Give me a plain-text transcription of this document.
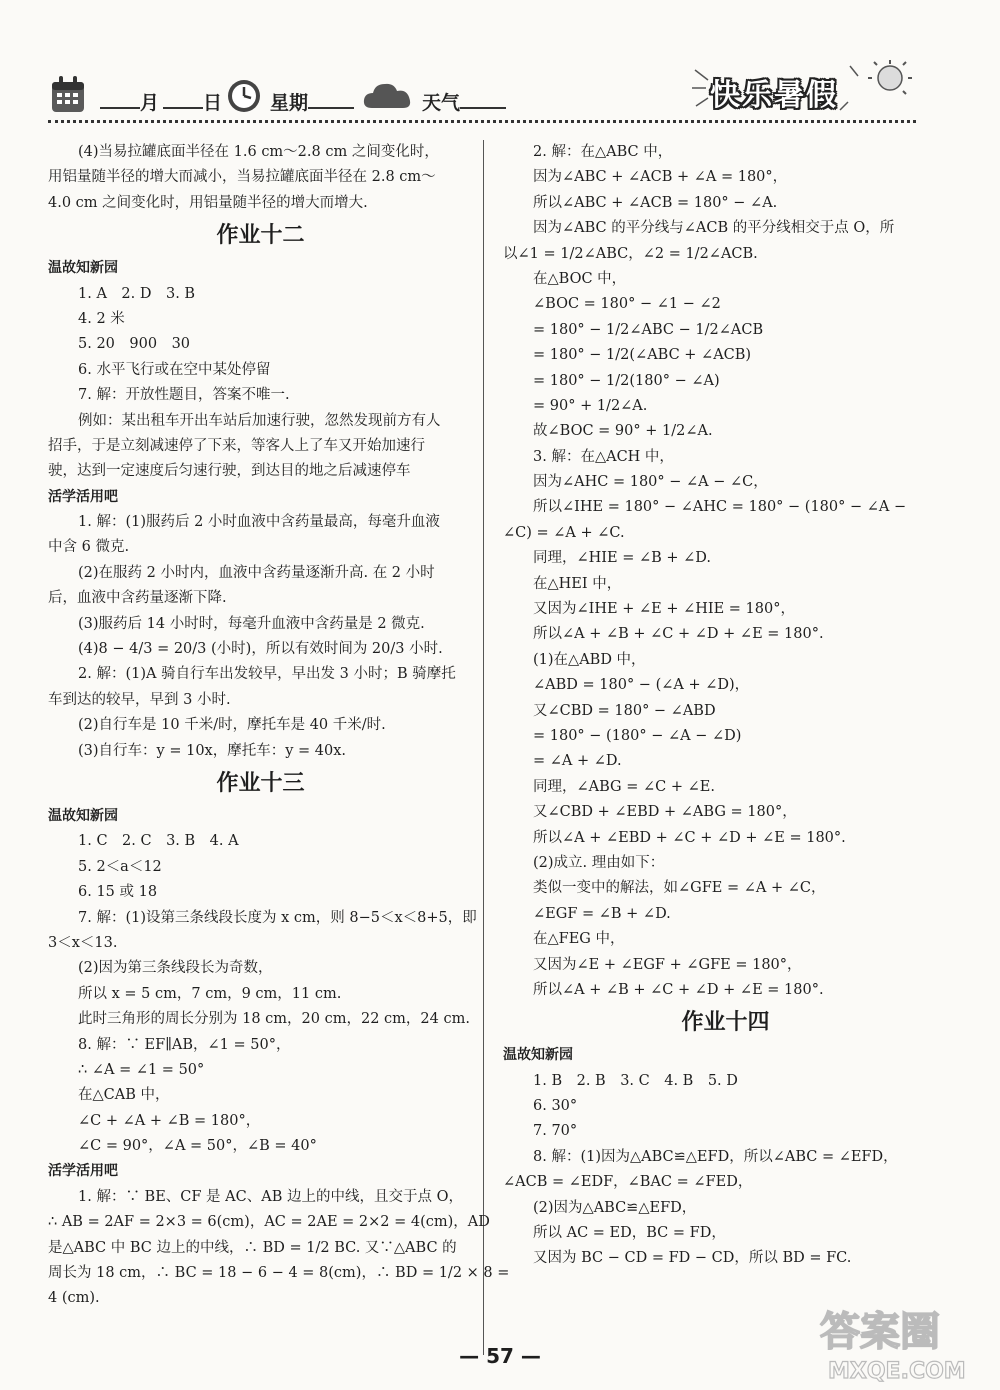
月	日	星期	天气	快乐暑假
(4)当易拉罐底面半径在 1.6 cm～2.8 cm 之间变化时，
用铝量随半径的增大而减小，当易拉罐底面半径在 2.8 cm～
4.0 cm 之间变化时，用铝量随半径的增大而增大.
作业十二
温故知新园
1. A　2. D　3. B
4. 2 米
5. 20　900　30
6. 水平飞行或在空中某处停留
7. 解：开放性题目，答案不唯一.
例如：某出租车开出车站后加速行驶，忽然发现前方有人
招手，于是立刻减速停了下来，等客人上了车又开始加速行
驶，达到一定速度后匀速行驶，到达目的地之后减速停车
活学活用吧
1. 解：(1)服药后 2 小时血液中含药量最高，每毫升血液
中含 6 微克.
(2)在服药 2 小时内，血液中含药量逐渐升高. 在 2 小时
后，血液中含药量逐渐下降.
(3)服药后 14 小时时，每毫升血液中含药量是 2 微克.
(4)8 − 4/3 = 20/3 (小时)，所以有效时间为 20/3 小时.
2. 解：(1)A 骑自行车出发较早，早出发 3 小时；B 骑摩托
车到达的较早，早到 3 小时.
(2)自行车是 10 千米/时，摩托车是 40 千米/时.
(3)自行车：y = 10x，摩托车：y = 40x.
作业十三
温故知新园
1. C　2. C　3. B　4. A
5. 2＜a＜12
6. 15 或 18
7. 解：(1)设第三条线段长度为 x cm，则 8−5＜x＜8+5，即
3＜x＜13.
(2)因为第三条线段长为奇数，
所以 x = 5 cm，7 cm，9 cm，11 cm.
此时三角形的周长分别为 18 cm，20 cm，22 cm，24 cm.
8. 解：∵ EF∥AB，∠1 = 50°，
∴ ∠A = ∠1 = 50°
在△CAB 中，
∠C + ∠A + ∠B = 180°，
∠C = 90°，∠A = 50°，∠B = 40°
活学活用吧
1. 解：∵ BE、CF 是 AC、AB 边上的中线，且交于点 O，
∴ AB = 2AF = 2×3 = 6(cm)，AC = 2AE = 2×2 = 4(cm)，AD
是△ABC 中 BC 边上的中线，∴ BD = 1/2 BC. 又∵△ABC 的
周长为 18 cm，∴ BC = 18 − 6 − 4 = 8(cm)，∴ BD = 1/2 × 8 =
4 (cm).
2. 解：在△ABC 中，
因为∠ABC + ∠ACB + ∠A = 180°，
所以∠ABC + ∠ACB = 180° − ∠A.
因为∠ABC 的平分线与∠ACB 的平分线相交于点 O，所
以∠1 = 1/2∠ABC，∠2 = 1/2∠ACB.
在△BOC 中，
∠BOC = 180° − ∠1 − ∠2
= 180° − 1/2∠ABC − 1/2∠ACB
= 180° − 1/2(∠ABC + ∠ACB)
= 180° − 1/2(180° − ∠A)
= 90° + 1/2∠A.
故∠BOC = 90° + 1/2∠A.
3. 解：在△ACH 中，
因为∠AHC = 180° − ∠A − ∠C，
所以∠IHE = 180° − ∠AHC = 180° − (180° − ∠A −
∠C) = ∠A + ∠C.
同理，∠HIE = ∠B + ∠D.
在△HEI 中，
又因为∠IHE + ∠E + ∠HIE = 180°，
所以∠A + ∠B + ∠C + ∠D + ∠E = 180°.
(1)在△ABD 中，
∠ABD = 180° − (∠A + ∠D)，
又∠CBD = 180° − ∠ABD
= 180° − (180° − ∠A − ∠D)
= ∠A + ∠D.
同理，∠ABG = ∠C + ∠E.
又∠CBD + ∠EBD + ∠ABG = 180°，
所以∠A + ∠EBD + ∠C + ∠D + ∠E = 180°.
(2)成立. 理由如下：
类似一变中的解法，如∠GFE = ∠A + ∠C，
∠EGF = ∠B + ∠D.
在△FEG 中，
又因为∠E + ∠EGF + ∠GFE = 180°，
所以∠A + ∠B + ∠C + ∠D + ∠E = 180°.
作业十四
温故知新园
1. B　2. B　3. C　4. B　5. D
6. 30°
7. 70°
8. 解：(1)因为△ABC≌△EFD，所以∠ABC = ∠EFD，
∠ACB = ∠EDF，∠BAC = ∠FED，
(2)因为△ABC≌△EFD，
所以 AC = ED，BC = FD，
又因为 BC − CD = FD − CD，所以 BD = FC.
— 57 —
答案圈
MXQE.COM
